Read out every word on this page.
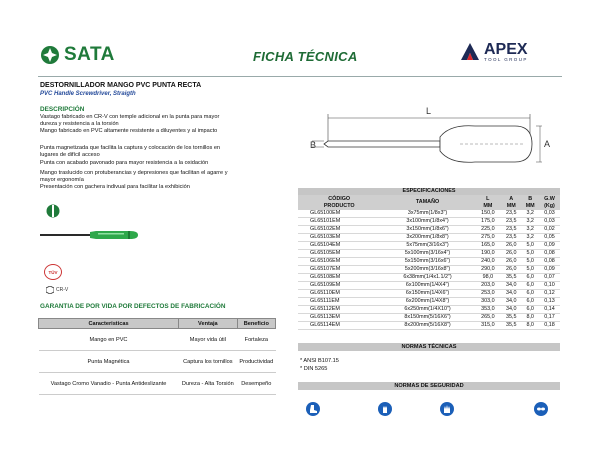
SATA	FICHA TÉCNICA	APEX
TOOL GROUP
DESTORNILLADOR MANGO PVC PUNTA RECTA
PVC Handle Screwdriver, Straigth
DESCRIPCIÓN
Vastago fabricado en CR-V con temple adicional en la punta para mayor
dureza y resistencia a la torsión
Mango fabricado en PVC altamente resistente a diluyentes y al impacto
Punta magnetizada que facilita la captura y colocación de los tornillos en
lugares de difícil acceso
Punta con acabado pavonado para mayor resistencia a la oxidación
Mango traslucido con protuberancias y depresiones que facilitan el agarre y
mayor ergonomía
Presentación con gachera indivual para facilitar la exhibición
TÜV
CR-V
GARANTIA DE POR VIDA POR DEFECTOS DE FABRICACIÓN
Caracteristicas	Ventaja	Beneficio
Mango en PVC	Mayor vida útil	Fortaleza
Punta Magnética	Captura los tornillos	Productividad
Vastago Cromo Vanadio - Punta Antideslizante	Dureza - Alta Torsión	Desempeño
L
A
B
ESPECIFICACIONES					
CÓDIGO	TAMAÑO	L	A	B	G.W
PRODUCTO		MM	MM	MM	(Kg)
GL65100EM	3x75mm(1/8x3")	150,0	23,5	3,2	0,03
GL65101EM	3x100mm(1/8x4")	175,0	23,5	3,2	0,03
GL65102EM	3x150mm(1/8x6")	225,0	23,5	3,2	0,02
GL65103EM	3x200mm(1/8x8")	275,0	23,5	3,2	0,05
GL65104EM	5x75mm(3/16x3")	165,0	26,0	5,0	0,09
GL65105EM	5x100mm(3/16x4")	190,0	26,0	5,0	0,08
GL65106EM	5x150mm(3/16x6")	240,0	26,0	5,0	0,08
GL65107EM	5x200mm(3/16x8")	290,0	26,0	5,0	0,09
GL65108EM	6x38mm(1/4x1.1/2")	98,0	35,5	6,0	0,07
GL65109EM	6x100mm(1/4X4")	203,0	34,0	6,0	0,10
GL65110EM	6x150mm(1/4X6")	253,0	34,0	6,0	0,12
GL65111EM	6x200mm(1/4X8")	303,0	34,0	6,0	0,13
GL65112EM	6x250mm(1/4X10")	353,0	34,0	6,0	0,14
GL65113EM	8x150mm(5/16X6")	265,0	35,5	8,0	0,17
GL65114EM	8x200mm(5/16X8")	315,0	35,5	8,0	0,18
NORMAS TÉCNICAS
* ANSI B107.15
* DIN 5265
NORMAS DE SEGURIDAD
